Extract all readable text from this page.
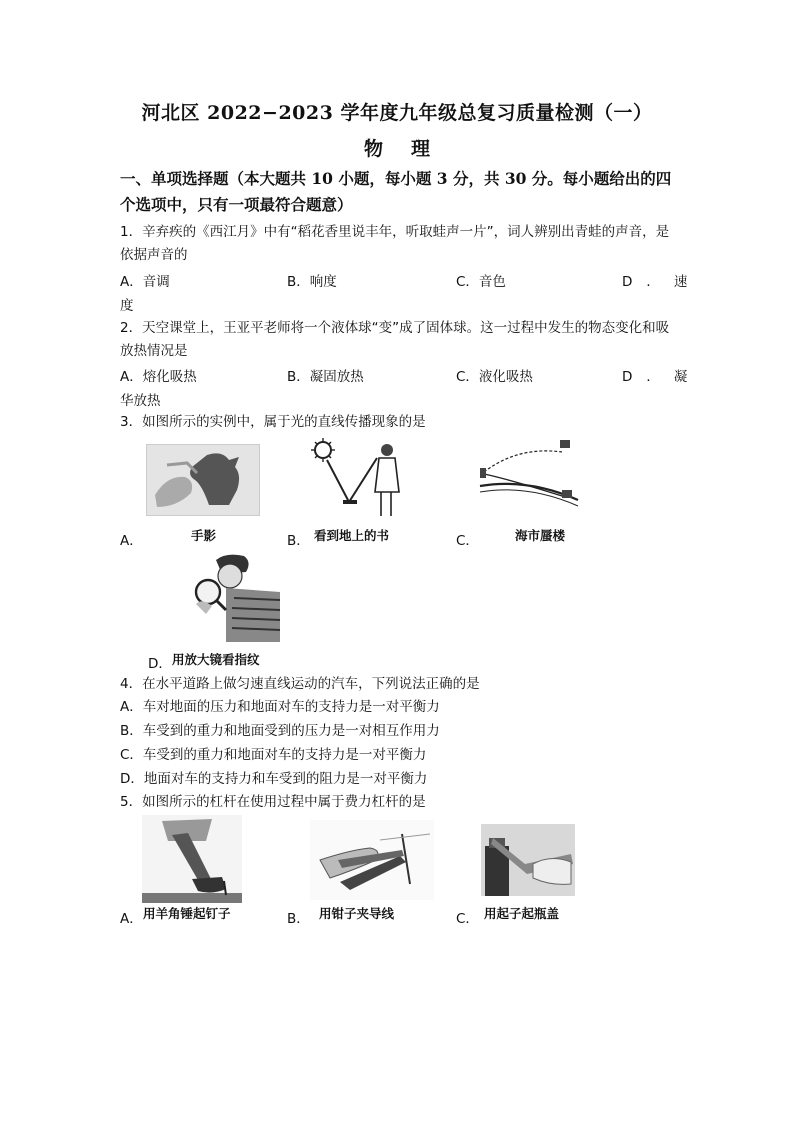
河北区 2022−2023 学年度九年级总复习质量检测（一）
物理
一、单项选择题（本大题共 10 小题，每小题 3 分，共 30 分。每小题给出的四个选项中，只有一项最符合题意）
1．辛弃疾的《西江月》中有“稻花香里说丰年，听取蛙声一片”，词人辨别出青蛙的声音，是依据声音的
A．音调	B．响度	C．音色	D．速
度
2．天空课堂上，王亚平老师将一个液体球“变”成了固体球。这一过程中发生的物态变化和吸放热情况是
A．熔化吸热	B．凝固放热	C．液化吸热	D．凝
华放热
3．如图所示的实例中，属于光的直线传播现象的是
A．	手影	B． 看到地上的书	C．	海市蜃楼
D． 用放大镜看指纹
4．在水平道路上做匀速直线运动的汽车，下列说法正确的是
A．车对地面的压力和地面对车的支持力是一对平衡力
B．车受到的重力和地面受到的压力是一对相互作用力
C．车受到的重力和地面对车的支持力是一对平衡力
D．地面对车的支持力和车受到的阻力是一对平衡力
5．如图所示的杠杆在使用过程中属于费力杠杆的是
A． 用羊角锤起钉子	B． 用钳子夹导线	C． 用起子起瓶盖
